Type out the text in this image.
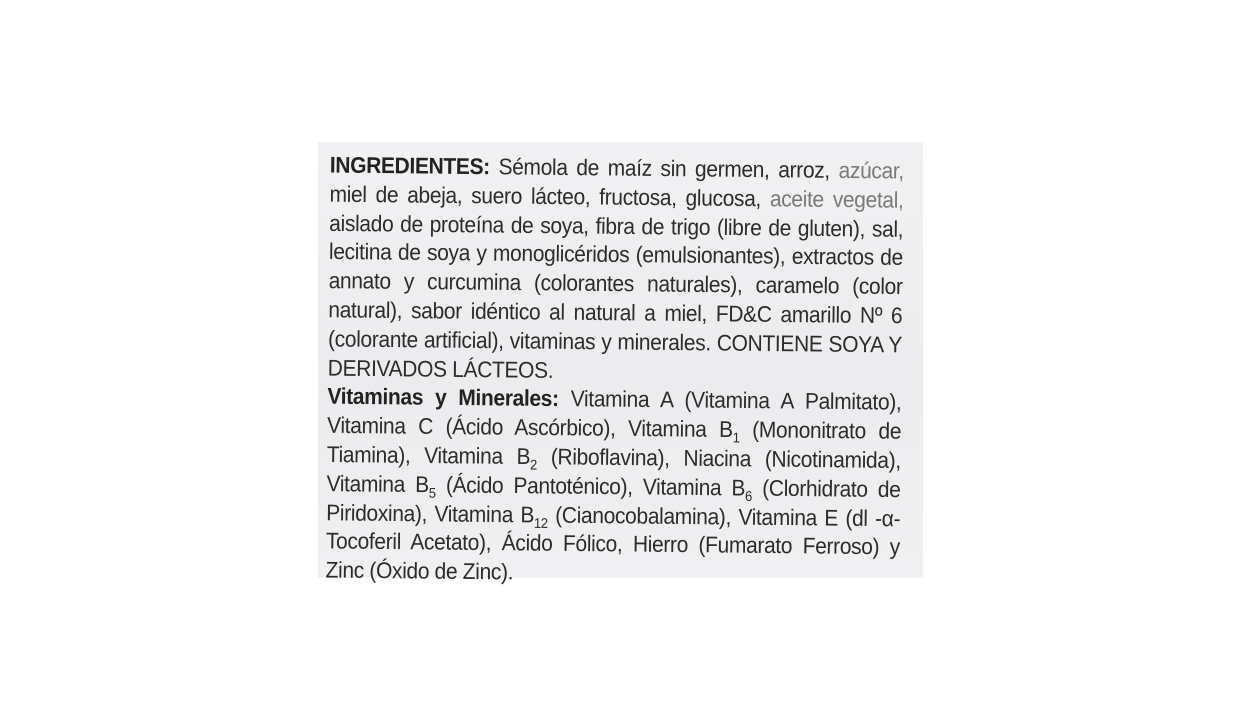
INGREDIENTES: Sémola de maíz sin germen, arroz, azúcar, miel de abeja, suero lácteo, fructosa, glucosa, aceite vegetal, aislado de proteína de soya, fibra de trigo (libre de gluten), sal, lecitina de soya y monoglicéridos (emulsionantes), extractos de annato y curcumina (colorantes naturales), caramelo (color natural), sabor idéntico al natural a miel, FD&C amarillo Nº 6 (colorante artificial), vitaminas y minerales. CONTIENE SOYA Y DERIVADOS LÁCTEOS.

Vitaminas y Minerales: Vitamina A (Vitamina A Palmitato), Vitamina C (Ácido Ascórbico), Vitamina $B_1$ (Mononitrato de Tiamina), Vitamina $B_2$ (Riboflavina), Niacina (Nicotinamida), Vitamina $B_5$ (Ácido Pantoténico), Vitamina $B_6$ (Clorhidrato de Piridoxina), Vitamina $B_{12}$ (Cianocobalamina), Vitamina E (dl -α-Tocoferil Acetato), Ácido Fólico, Hierro (Fumarato Ferroso) y Zinc (Óxido de Zinc).
